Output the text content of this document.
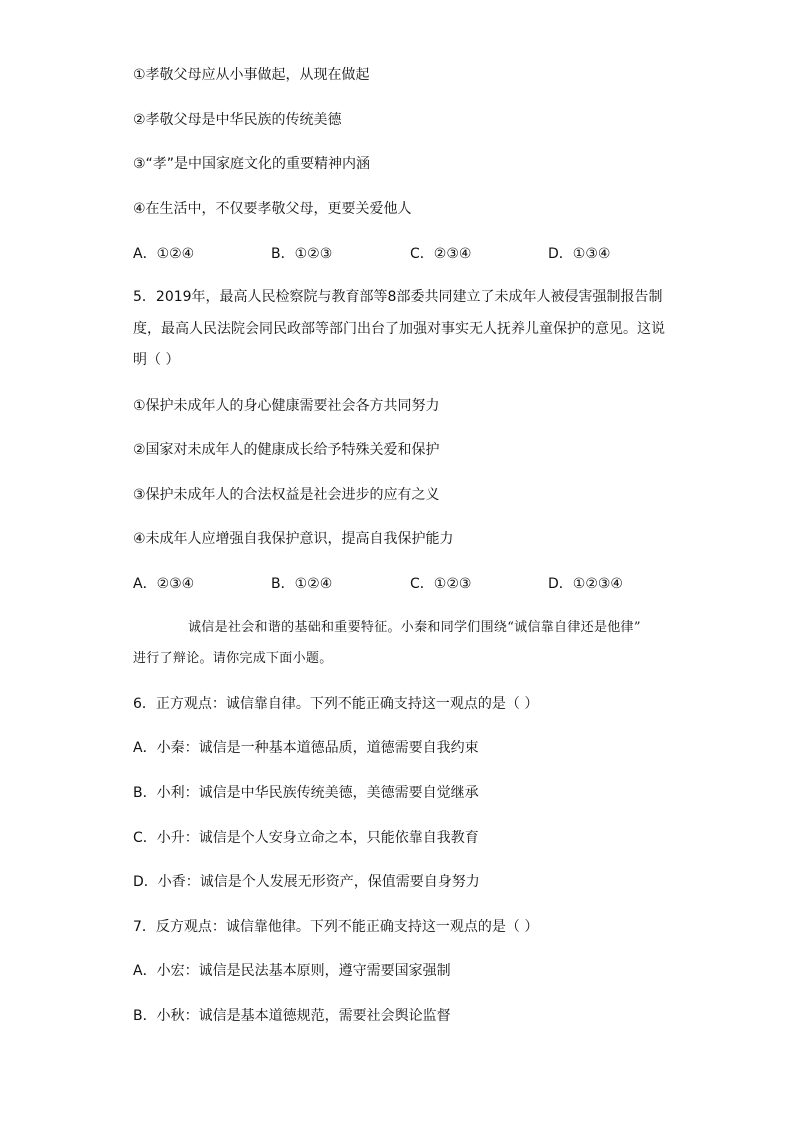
①孝敬父母应从小事做起，从现在做起
②孝敬父母是中华民族的传统美德
③“孝”是中国家庭文化的重要精神内涵
④在生活中，不仅要孝敬父母，更要关爱他人
A．①②④	B．①②③	C．②③④	D．①③④
5．2019年，最高人民检察院与教育部等8部委共同建立了未成年人被侵害强制报告制
度，最高人民法院会同民政部等部门出台了加强对事实无人抚养儿童保护的意见。这说
明（ ）
①保护未成年人的身心健康需要社会各方共同努力
②国家对未成年人的健康成长给予特殊关爱和保护
③保护未成年人的合法权益是社会进步的应有之义
④未成年人应增强自我保护意识，提高自我保护能力
A．②③④	B．①②④	C．①②③	D．①②③④
诚信是社会和谐的基础和重要特征。小秦和同学们围绕“诚信靠自律还是他律”
进行了辩论。请你完成下面小题。
6．正方观点：诚信靠自律。下列不能正确支持这一观点的是（ ）
A．小秦：诚信是一种基本道德品质，道德需要自我约束
B．小利：诚信是中华民族传统美德，美德需要自觉继承
C．小升：诚信是个人安身立命之本，只能依靠自我教育
D．小香：诚信是个人发展无形资产，保值需要自身努力
7．反方观点：诚信靠他律。下列不能正确支持这一观点的是（ ）
A．小宏：诚信是民法基本原则，遵守需要国家强制
B．小秋：诚信是基本道德规范，需要社会舆论监督
